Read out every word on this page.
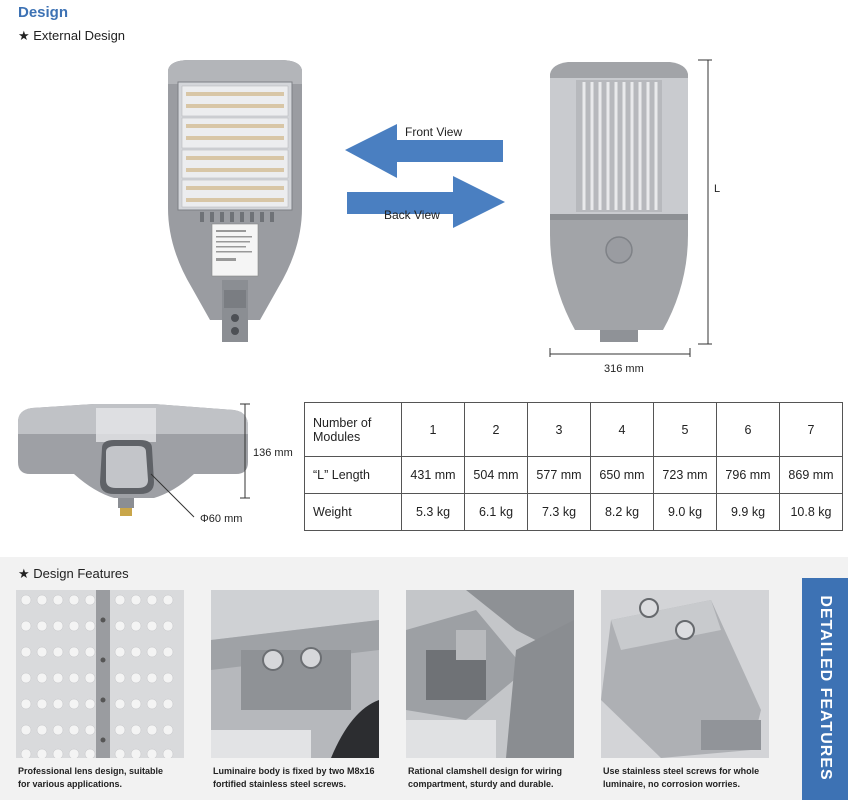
Design
★ External Design
Front View
Back View
L
316 mm
136 mm
Φ60 mm
Number of Modules	1	2	3	4	5	6	7
“L” Length	431 mm	504 mm	577 mm	650 mm	723 mm	796 mm	869 mm
Weight	5.3 kg	6.1 kg	7.3 kg	8.2 kg	9.0 kg	9.9 kg	10.8 kg
★ Design Features
Professional lens design, suitable
for various applications.
Luminaire body is fixed by two M8x16
fortified stainless steel screws.
Rational clamshell design for wiring
compartment, sturdy and durable.
Use stainless steel screws for whole
luminaire, no corrosion worries.
DETAILED FEATURES
